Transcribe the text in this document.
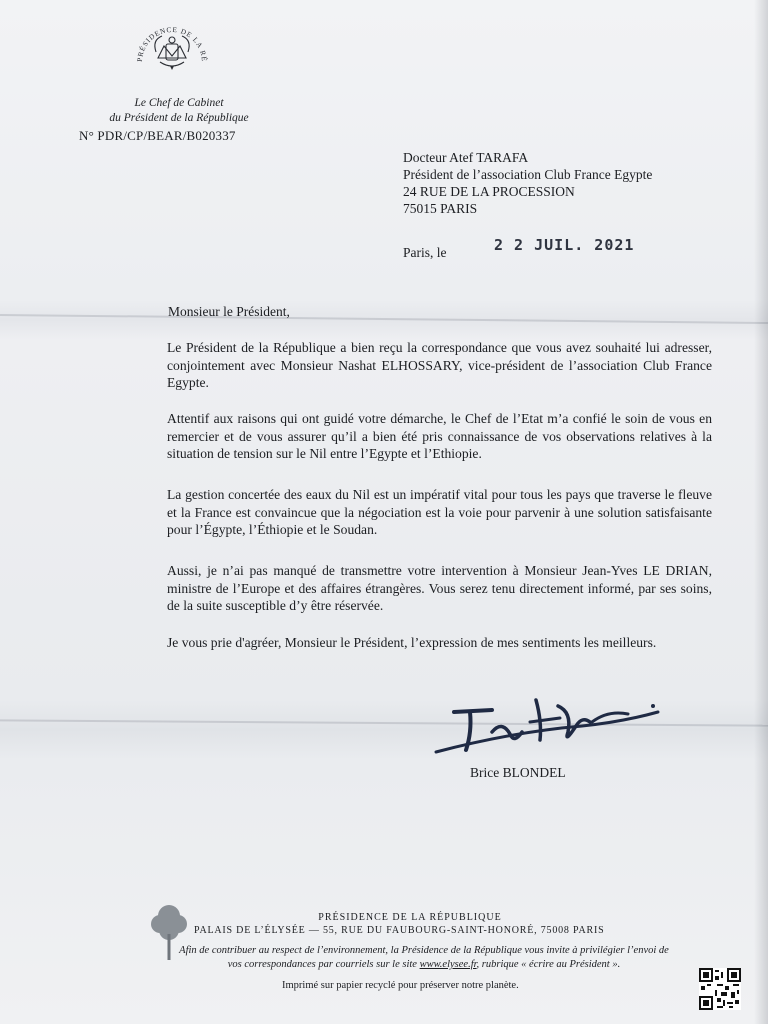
PRÉSIDENCE DE LA RÉ
Le Chef de Cabinet
du Président de la République
N° PDR/CP/BEAR/B020337
Docteur Atef TARAFA
Président de l’association Club France Egypte
24 RUE DE LA PROCESSION
75015 PARIS
Paris, le	2 2 JUIL. 2021
Monsieur le Président,
Le Président de la République a bien reçu la correspondance que vous avez souhaité lui adresser, conjointement avec Monsieur Nashat ELHOSSARY, vice-président de l’association Club France Egypte.
Attentif aux raisons qui ont guidé votre démarche, le Chef de l’Etat m’a confié le soin de vous en remercier et de vous assurer qu’il a bien été pris connaissance de vos observations relatives à la situation de tension sur le Nil entre l’Egypte et l’Ethiopie.
La gestion concertée des eaux du Nil est un impératif vital pour tous les pays que traverse le fleuve et la France est convaincue que la négociation est la voie pour parvenir à une solution satisfaisante pour l’Égypte, l’Éthiopie et le Soudan.
Aussi, je n’ai pas manqué de transmettre votre intervention à Monsieur Jean-Yves LE DRIAN, ministre de l’Europe et des affaires étrangères. Vous serez tenu directement informé, par ses soins, de la suite susceptible d’y être réservée.
Je vous prie d'agréer, Monsieur le Président, l’expression de mes sentiments les meilleurs.
Brice BLONDEL
PRÉSIDENCE DE LA RÉPUBLIQUE
PALAIS DE L’ÉLYSÉE — 55, RUE DU FAUBOURG-SAINT-HONORÉ, 75008 PARIS
Afin de contribuer au respect de l’environnement, la Présidence de la République vous invite à privilégier l’envoi de vos correspondances par courriels sur le site www.elysee.fr, rubrique « écrire au Président ».
Imprimé sur papier recyclé pour préserver notre planète.
